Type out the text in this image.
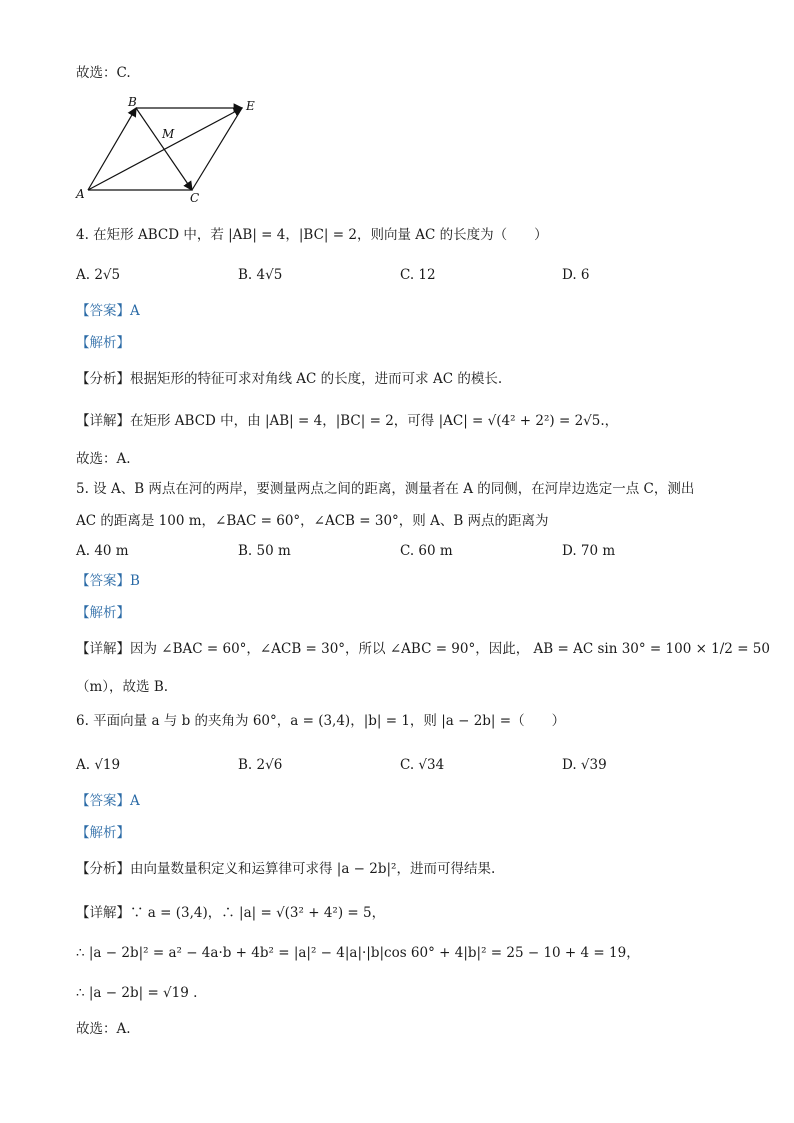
故选：C.
B	E
M
A	C
4. 在矩形 ABCD 中，若 |AB| = 4，|BC| = 2，则向量 AC 的长度为（　　）
A. 2√5	B. 4√5	C. 12	D. 6
【答案】A
【解析】
【分析】根据矩形的特征可求对角线 AC 的长度，进而可求 AC 的模长.
【详解】在矩形 ABCD 中，由 |AB| = 4，|BC| = 2，可得 |AC| = √(4² + 2²) = 2√5.，
故选：A.
5. 设 A、B 两点在河的两岸，要测量两点之间的距离，测量者在 A 的同侧，在河岸边选定一点 C，测出
AC 的距离是 100 m，∠BAC = 60°，∠ACB = 30°，则 A、B 两点的距离为
A. 40 m	B. 50 m	C. 60 m	D. 70 m
【答案】B
【解析】
【详解】因为 ∠BAC = 60°，∠ACB = 30°，所以 ∠ABC = 90°，因此， AB = AC sin 30° = 100 × 1/2 = 50
（m），故选 B.
6. 平面向量 a 与 b 的夹角为 60°，a = (3,4)，|b| = 1，则 |a − 2b| =（　　）
A. √19	B. 2√6	C. √34	D. √39
【答案】A
【解析】
【分析】由向量数量积定义和运算律可求得 |a − 2b|²，进而可得结果.
【详解】∵ a = (3,4)，∴ |a| = √(3² + 4²) = 5，
∴ |a − 2b|² = a² − 4a·b + 4b² = |a|² − 4|a|·|b|cos 60° + 4|b|² = 25 − 10 + 4 = 19，
∴ |a − 2b| = √19 .
故选：A.
